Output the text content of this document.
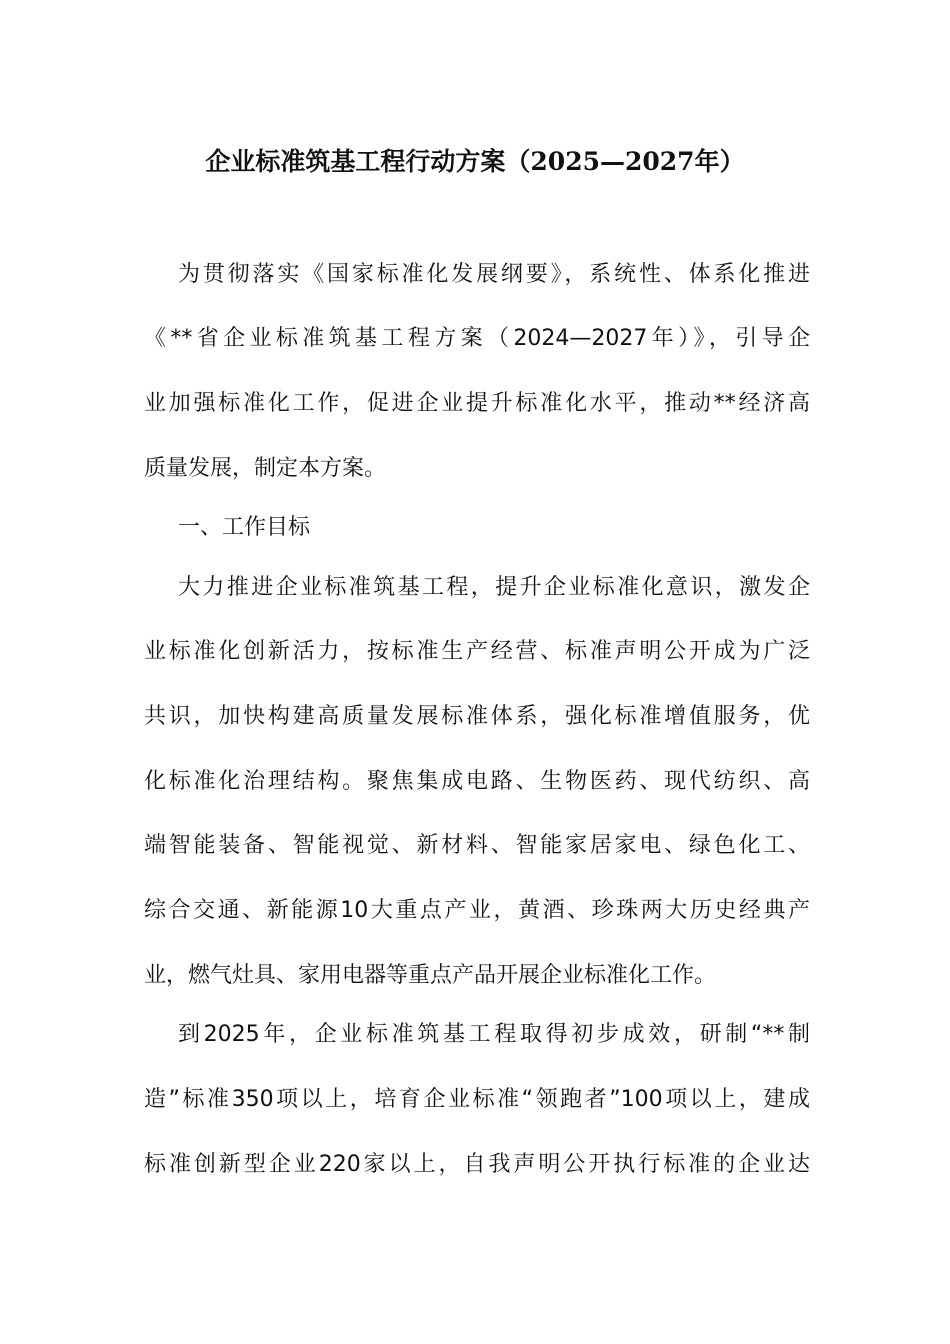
企业标准筑基工程行动方案（2025—2027年）
为贯彻落实《国家标准化发展纲要》，系统性、体系化推进
《**省企业标准筑基工程方案（2024—2027年）》，引导企
业加强标准化工作，促进企业提升标准化水平，推动**经济高
质量发展，制定本方案。
一、工作目标
大力推进企业标准筑基工程，提升企业标准化意识，激发企
业标准化创新活力，按标准生产经营、标准声明公开成为广泛
共识，加快构建高质量发展标准体系，强化标准增值服务，优
化标准化治理结构。聚焦集成电路、生物医药、现代纺织、高
端智能装备、智能视觉、新材料、智能家居家电、绿色化工、
综合交通、新能源10大重点产业，黄酒、珍珠两大历史经典产
业，燃气灶具、家用电器等重点产品开展企业标准化工作。
到2025年，企业标准筑基工程取得初步成效，研制“**制
造”标准350项以上，培育企业标准“领跑者”100项以上，建成
标准创新型企业220家以上，自我声明公开执行标准的企业达
